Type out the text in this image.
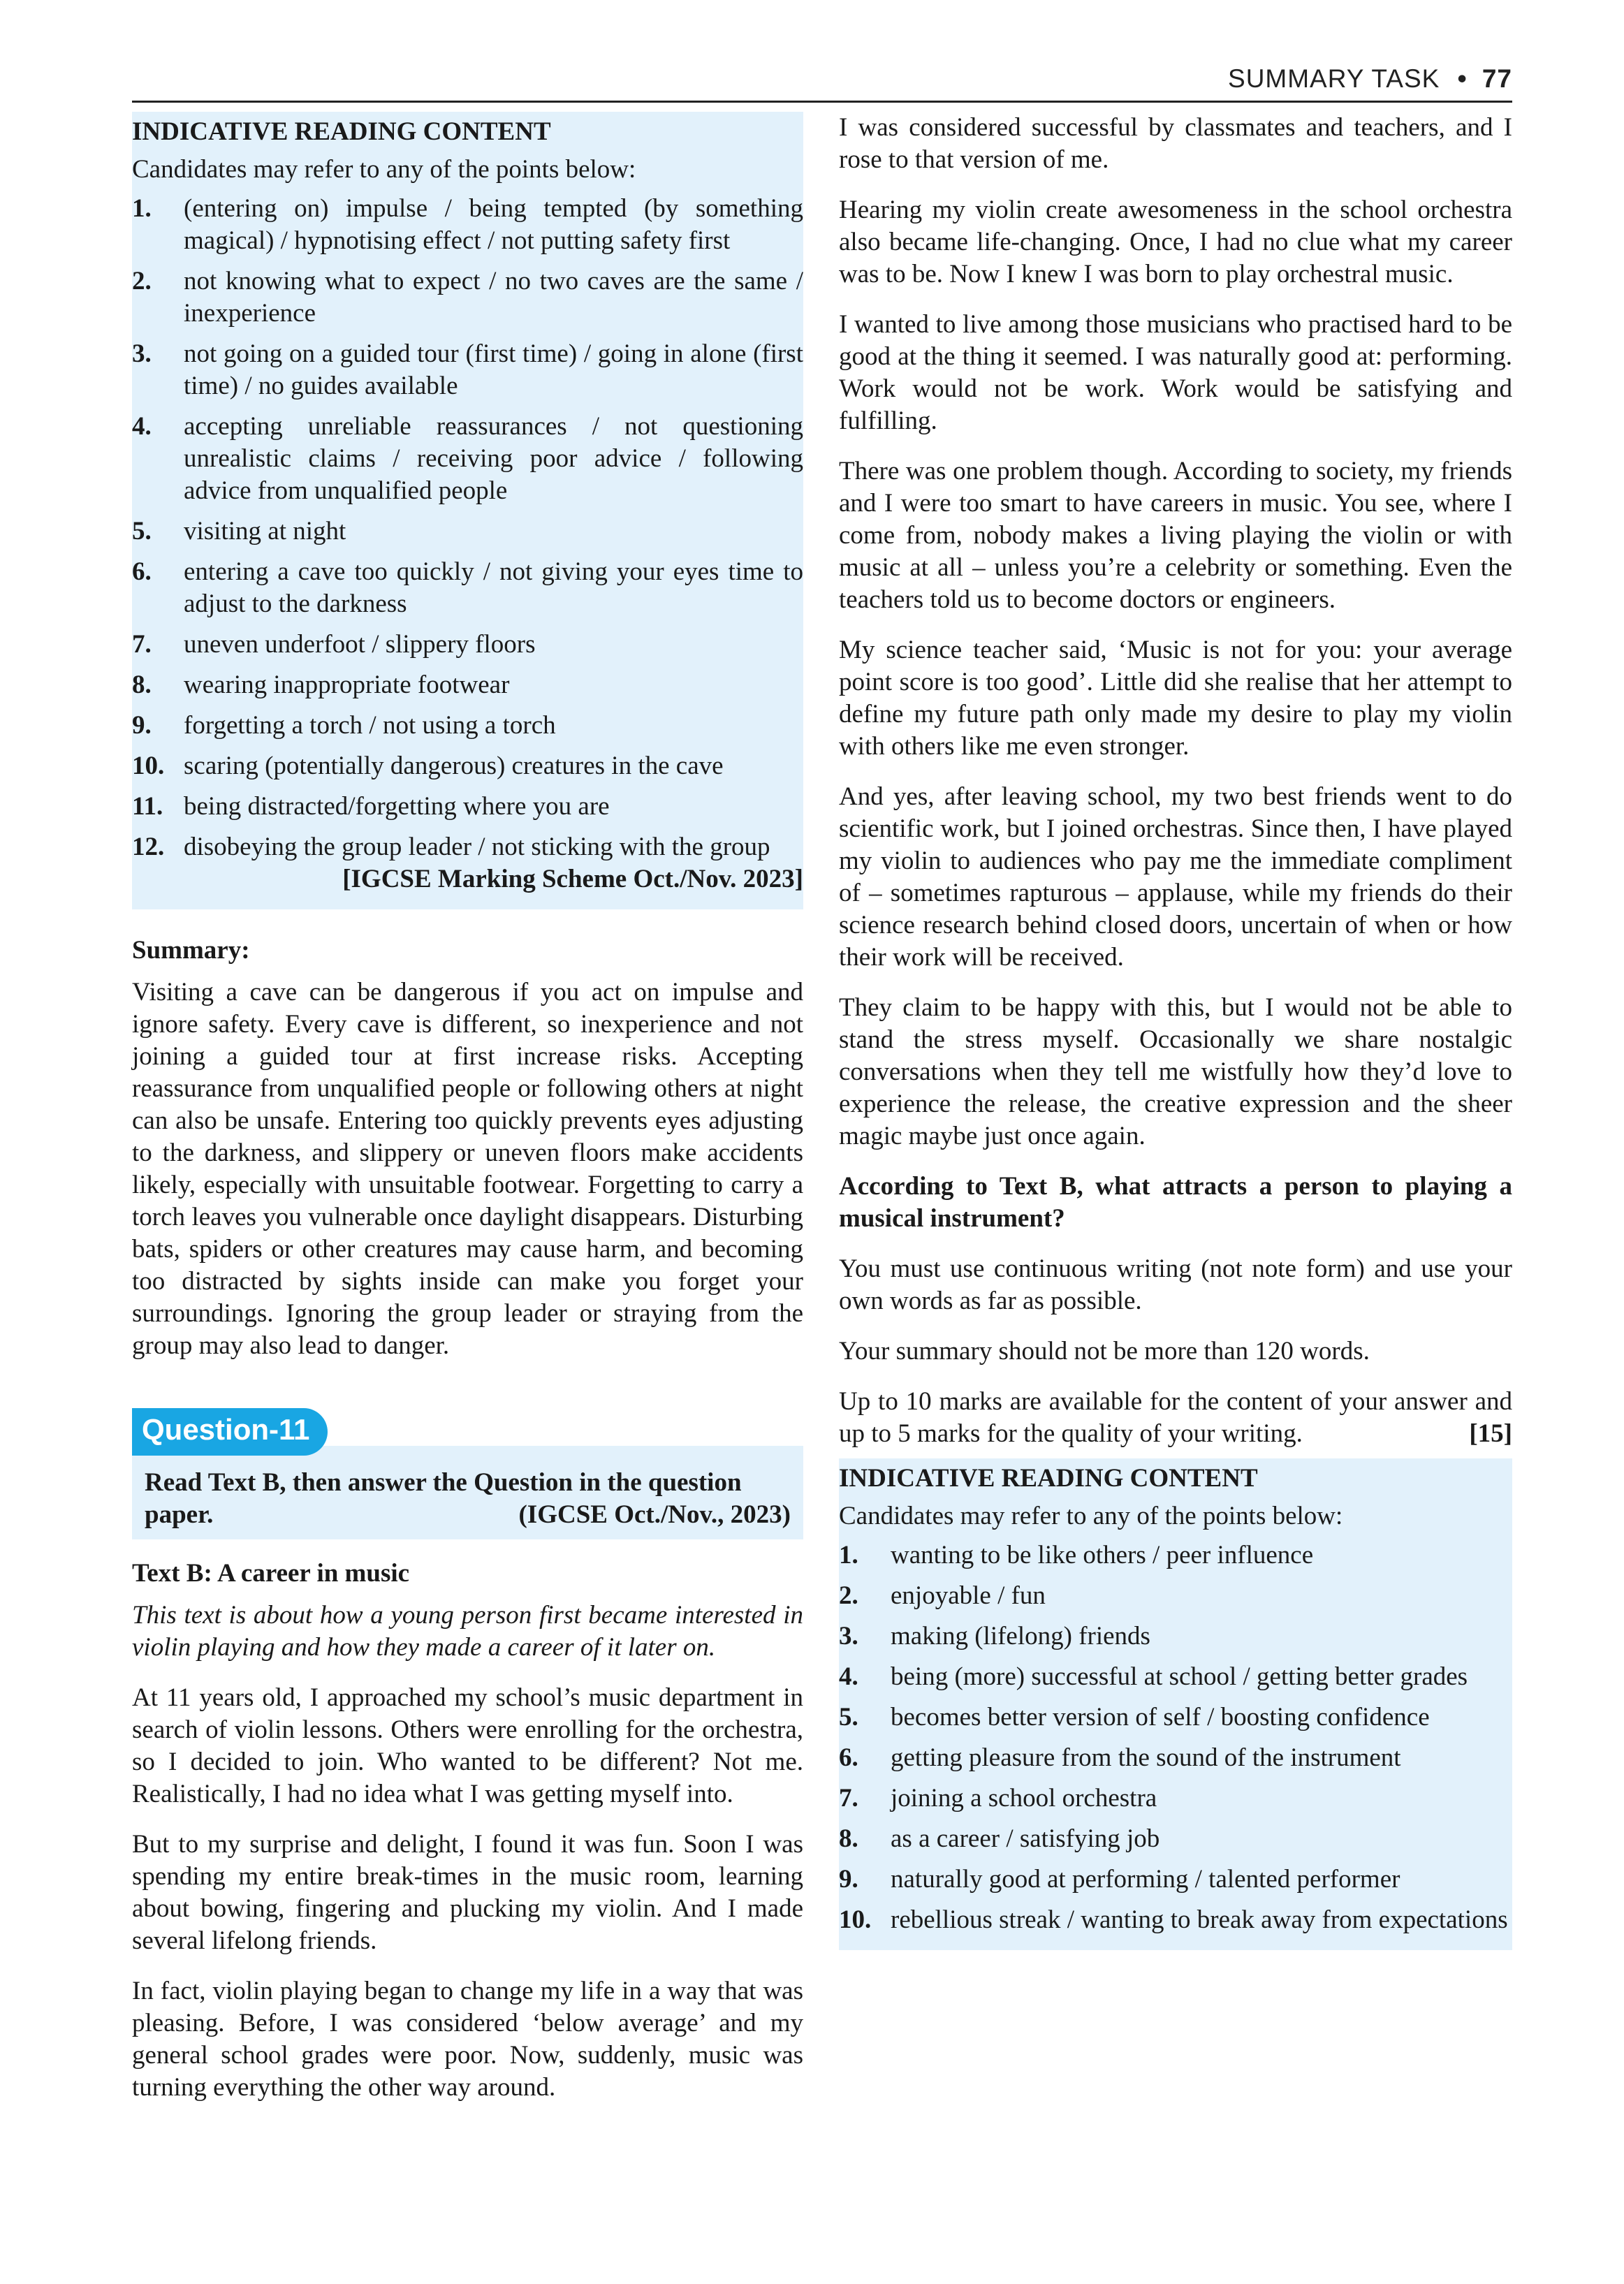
SUMMARY TASK • 77
INDICATIVE READING CONTENT
Candidates may refer to any of the points below:
1.	(entering on) impulse / being tempted (by something magical) / hypnotising effect / not putting safety first
2.	not knowing what to expect / no two caves are the same / inexperience
3.	not going on a guided tour (first time) / going in alone (first time) / no guides available
4.	accepting unreliable reassurances / not questioning unrealistic claims / receiving poor advice / following advice from unqualified people
5.	visiting at night
6.	entering a cave too quickly / not giving your eyes time to adjust to the darkness
7.	uneven underfoot / slippery floors
8.	wearing inappropriate footwear
9.	forgetting a torch / not using a torch
10. scaring (potentially dangerous) creatures in the cave
11. being distracted/forgetting where you are
12. disobeying the group leader / not sticking with the group
[IGCSE Marking Scheme Oct./Nov. 2023]
Summary:

Visiting a cave can be dangerous if you act on impulse and ignore safety. Every cave is different, so inexperience and not joining a guided tour at first increase risks. Accepting reassurance from unqualified people or following others at night can also be unsafe. Entering too quickly prevents eyes adjusting to the darkness, and slippery or uneven floors make accidents likely, especially with unsuitable footwear. Forgetting to carry a torch leaves you vulnerable once daylight disappears. Disturbing bats, spiders or other creatures may cause harm, and becoming too distracted by sights inside can make you forget your surroundings. Ignoring the group leader or straying from the group may also lead to danger.

Question-11
Read Text B, then answer the Question in the question
paper.	(IGCSE Oct./Nov., 2023)
Text B: A career in music

This text is about how a young person first became interested in violin playing and how they made a career of it later on.

At 11 years old, I approached my school’s music department in search of violin lessons. Others were enrolling for the orchestra, so I decided to join. Who wanted to be different? Not me. Realistically, I had no idea what I was getting myself into.

But to my surprise and delight, I found it was fun. Soon I was spending my entire break-times in the music room, learning about bowing, fingering and plucking my violin. And I made several lifelong friends.

In fact, violin playing began to change my life in a way that was pleasing. Before, I was considered ‘below average’ and my general school grades were poor. Now, suddenly, music was turning everything the other way around.

I was considered successful by classmates and teachers, and I rose to that version of me.

Hearing my violin create awesomeness in the school orchestra also became life-changing. Once, I had no clue what my career was to be. Now I knew I was born to play orchestral music.

I wanted to live among those musicians who practised hard to be good at the thing it seemed. I was naturally good at: performing. Work would not be work. Work would be satisfying and fulfilling.

There was one problem though. According to society, my friends and I were too smart to have careers in music. You see, where I come from, nobody makes a living playing the violin or with music at all – unless you’re a celebrity or something. Even the teachers told us to become doctors or engineers.

My science teacher said, ‘Music is not for you: your average point score is too good’. Little did she realise that her attempt to define my future path only made my desire to play my violin with others like me even stronger.

And yes, after leaving school, my two best friends went to do scientific work, but I joined orchestras. Since then, I have played my violin to audiences who pay me the immediate compliment of – sometimes rapturous – applause, while my friends do their science research behind closed doors, uncertain of when or how their work will be received.

They claim to be happy with this, but I would not be able to stand the stress myself. Occasionally we share nostalgic conversations when they tell me wistfully how they’d love to experience the release, the creative expression and the sheer magic maybe just once again.

According to Text B, what attracts a person to playing a musical instrument?

You must use continuous writing (not note form) and use your own words as far as possible.

Your summary should not be more than 120 words.

Up to 10 marks are available for the content of your answer and up to 5 marks for the quality of your writing.	[15]

INDICATIVE READING CONTENT
Candidates may refer to any of the points below:
1.	wanting to be like others / peer influence
2.	enjoyable / fun
3.	making (lifelong) friends
4.	being (more) successful at school / getting better grades
5.	becomes better version of self / boosting confidence
6.	getting pleasure from the sound of the instrument
7.	joining a school orchestra
8.	as a career / satisfying job
9.	naturally good at performing / talented performer
10. rebellious streak / wanting to break away from expectations
